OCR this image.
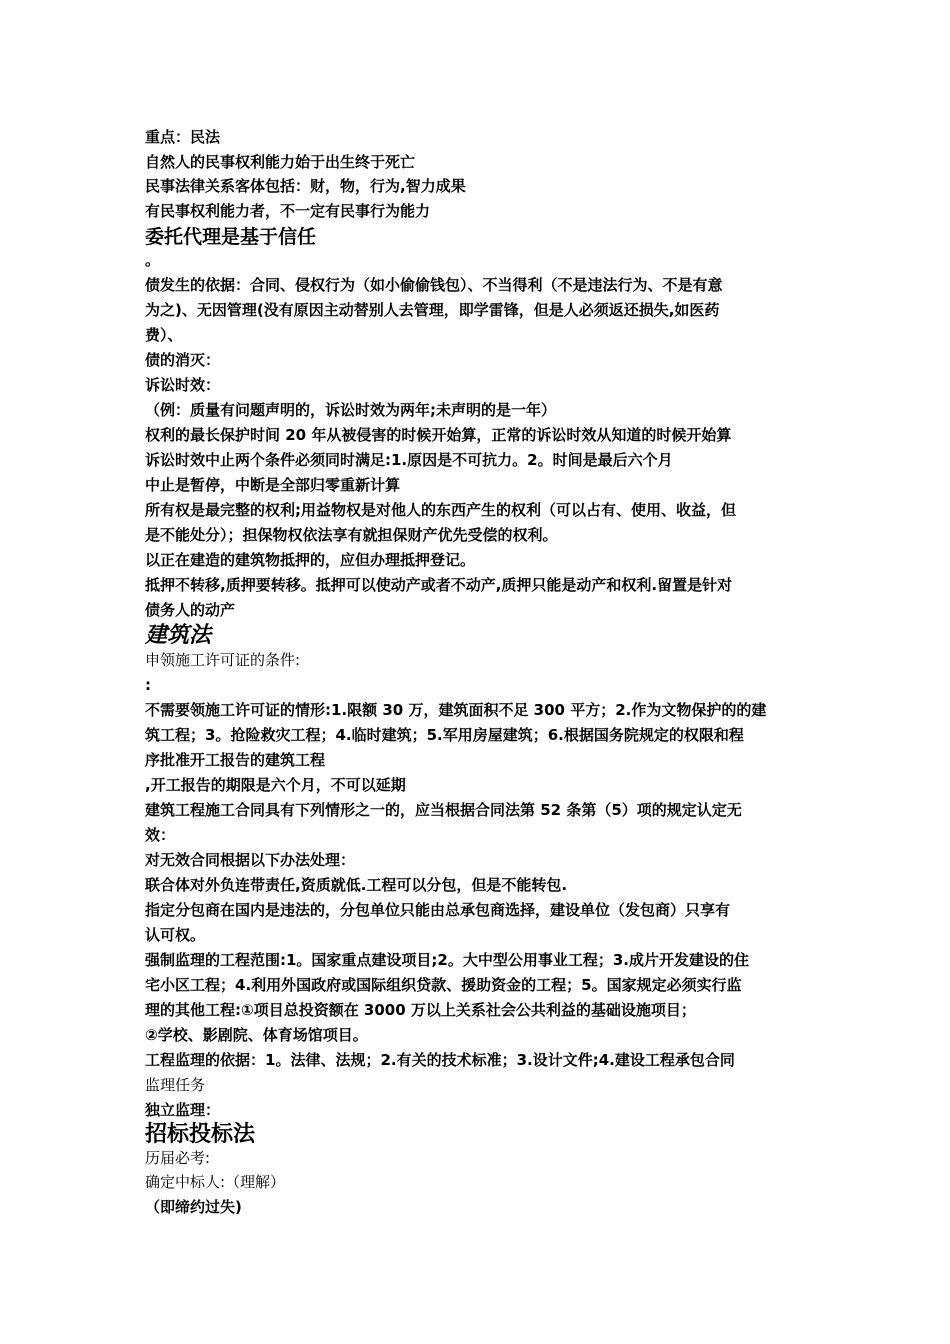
重点：民法
自然人的民事权利能力始于出生终于死亡
民事法律关系客体包括：财，物，行为,智力成果
有民事权利能力者，不一定有民事行为能力
委托代理是基于信任
。
债发生的依据：合同、侵权行为（如小偷偷钱包）、不当得利（不是违法行为、不是有意
为之)、无因管理(没有原因主动替别人去管理，即学雷锋，但是人必须返还损失,如医药
费）、
债的消灭：
诉讼时效：
（例：质量有问题声明的，诉讼时效为两年;未声明的是一年）
权利的最长保护时间 20 年从被侵害的时候开始算，正常的诉讼时效从知道的时候开始算
诉讼时效中止两个条件必须同时满足:1.原因是不可抗力。2。时间是最后六个月
中止是暂停，中断是全部归零重新计算
所有权是最完整的权利;用益物权是对他人的东西产生的权利（可以占有、使用、收益，但
是不能处分）；担保物权依法享有就担保财产优先受偿的权利。
以正在建造的建筑物抵押的，应但办理抵押登记。
抵押不转移,质押要转移。抵押可以使动产或者不动产,质押只能是动产和权利.留置是针对
债务人的动产
建筑法
申领施工许可证的条件:
:
不需要领施工许可证的情形:1.限额 30 万，建筑面积不足 300 平方；2.作为文物保护的的建
筑工程；3。抢险救灾工程；4.临时建筑；5.军用房屋建筑；6.根据国务院规定的权限和程
序批准开工报告的建筑工程
,开工报告的期限是六个月，不可以延期
建筑工程施工合同具有下列情形之一的，应当根据合同法第 52 条第（5）项的规定认定无
效：
对无效合同根据以下办法处理：
联合体对外负连带责任,资质就低.工程可以分包，但是不能转包.
指定分包商在国内是违法的，分包单位只能由总承包商选择，建设单位（发包商）只享有
认可权。
强制监理的工程范围:1。国家重点建设项目;2。大中型公用事业工程；3.成片开发建设的住
宅小区工程；4.利用外国政府或国际组织贷款、援助资金的工程；5。国家规定必须实行监
理的其他工程:①项目总投资额在 3000 万以上关系社会公共利益的基础设施项目；
②学校、影剧院、体育场馆项目。
工程监理的依据：1。法律、法规；2.有关的技术标准；3.设计文件;4.建设工程承包合同
监理任务
独立监理：
招标投标法
历届必考:
确定中标人:（理解）
（即缔约过失)
